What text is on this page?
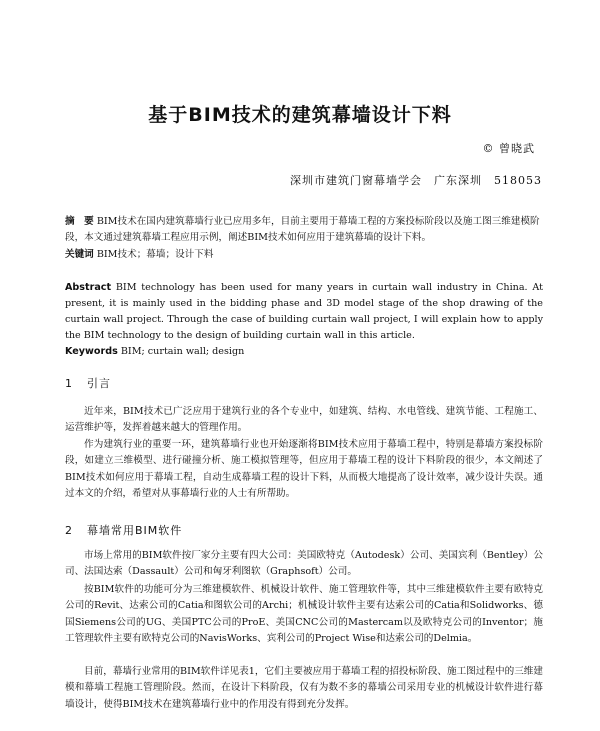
基于BIM技术的建筑幕墙设计下料
© 曾晓武
深圳市建筑门窗幕墙学会　广东深圳　518053
摘　要 BIM技术在国内建筑幕墙行业已应用多年，目前主要用于幕墙工程的方案投标阶段以及施工图三维建模阶段，本文通过建筑幕墙工程应用示例，阐述BIM技术如何应用于建筑幕墙的设计下料。
关键词 BIM技术；幕墙；设计下料
Abstract BIM technology has been used for many years in curtain wall industry in China. At present, it is mainly used in the bidding phase and 3D model stage of the shop drawing of the curtain wall project. Through the case of building curtain wall project, I will explain how to apply the BIM technology to the design of building curtain wall in this article.
Keywords BIM; curtain wall; design
1 引言
近年来，BIM技术已广泛应用于建筑行业的各个专业中，如建筑、结构、水电管线、建筑节能、工程施工、运营维护等，发挥着越来越大的管理作用。
作为建筑行业的重要一环，建筑幕墙行业也开始逐渐将BIM技术应用于幕墙工程中，特别是幕墙方案投标阶段，如建立三维模型、进行碰撞分析、施工模拟管理等，但应用于幕墙工程的设计下料阶段的很少，本文阐述了BIM技术如何应用于幕墙工程，自动生成幕墙工程的设计下料，从而极大地提高了设计效率，减少设计失误。通过本文的介绍，希望对从事幕墙行业的人士有所帮助。
2 幕墙常用BIM软件
市场上常用的BIM软件按厂家分主要有四大公司：美国欧特克（Autodesk）公司、美国宾利（Bentley）公司、法国达索（Dassault）公司和匈牙利图软（Graphsoft）公司。
按BIM软件的功能可分为三维建模软件、机械设计软件、施工管理软件等，其中三维建模软件主要有欧特克公司的Revit、达索公司的Catia和图软公司的Archi；机械设计软件主要有达索公司的Catia和Solidworks、德国Siemens公司的UG、美国PTC公司的ProE、美国CNC公司的Mastercam以及欧特克公司的Inventor；施工管理软件主要有欧特克公司的NavisWorks、宾利公司的Project Wise和达索公司的Delmia。
目前，幕墙行业常用的BIM软件详见表1，它们主要被应用于幕墙工程的招投标阶段、施工图过程中的三维建模和幕墙工程施工管理阶段。然而，在设计下料阶段，仅有为数不多的幕墙公司采用专业的机械设计软件进行幕墙设计，使得BIM技术在建筑幕墙行业中的作用没有得到充分发挥。
